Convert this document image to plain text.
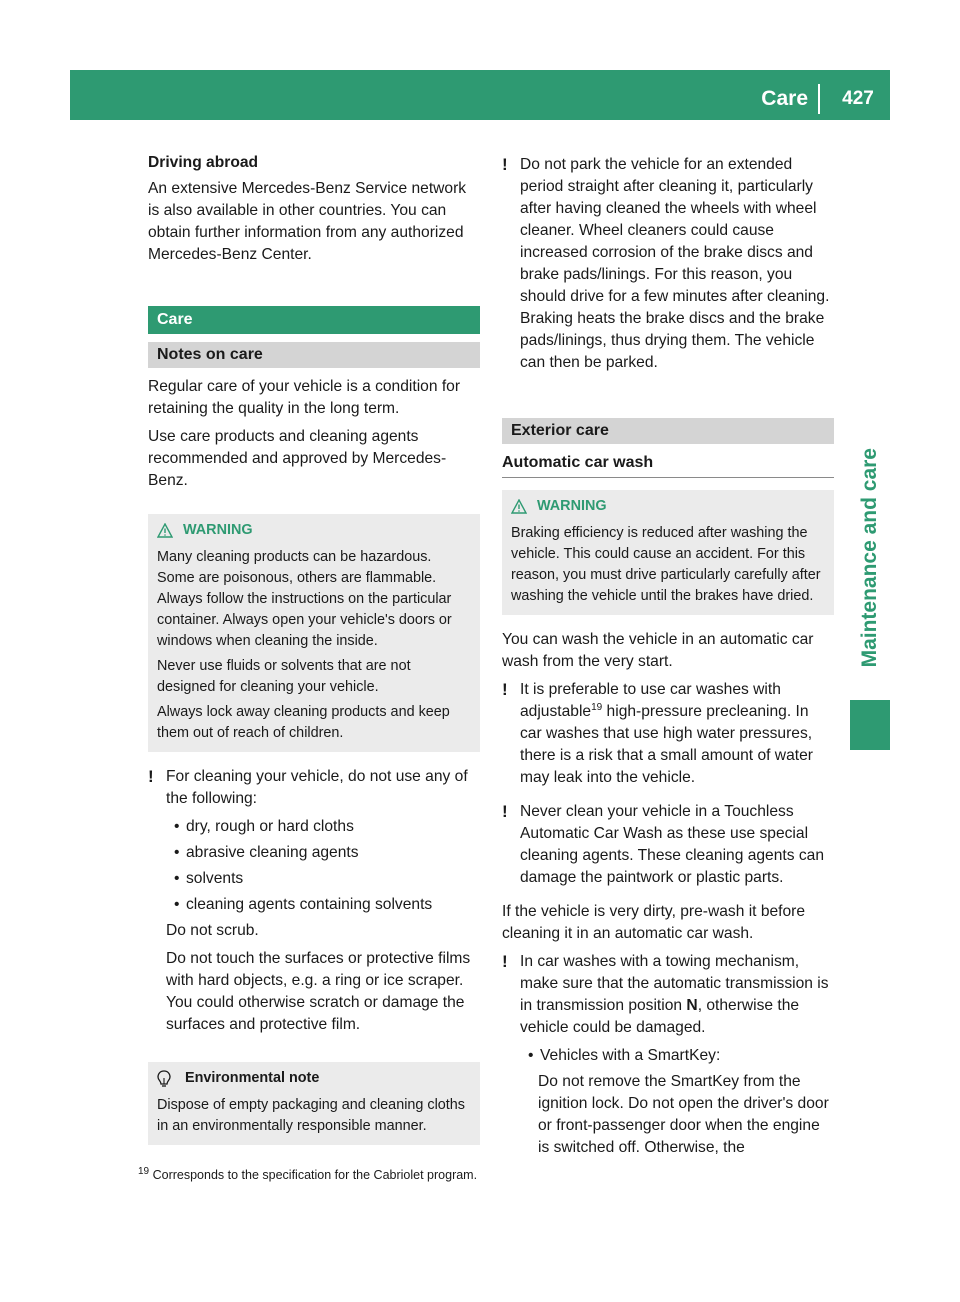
Care	427
Maintenance and care

Driving abroad

An extensive Mercedes-Benz Service network is also available in other countries. You can obtain further information from any authorized Mercedes-Benz Center.

Care
Notes on care

Regular care of your vehicle is a condition for retaining the quality in the long term.

Use care products and cleaning agents recommended and approved by Mercedes-Benz.

WARNING

Many cleaning products can be hazardous. Some are poisonous, others are flammable. Always follow the instructions on the particular container. Always open your vehicle's doors or windows when cleaning the inside.

Never use fluids or solvents that are not designed for cleaning your vehicle.

Always lock away cleaning products and keep them out of reach of children.

! For cleaning your vehicle, do not use any of the following:

• dry, rough or hard cloths
• abrasive cleaning agents
• solvents
• cleaning agents containing solvents

Do not scrub.

Do not touch the surfaces or protective films with hard objects, e.g. a ring or ice scraper. You could otherwise scratch or damage the surfaces and protective film.

Environmental note

Dispose of empty packaging and cleaning cloths in an environmentally responsible manner.

! Do not park the vehicle for an extended period straight after cleaning it, particularly after having cleaned the wheels with wheel cleaner. Wheel cleaners could cause increased corrosion of the brake discs and brake pads/linings. For this reason, you should drive for a few minutes after cleaning. Braking heats the brake discs and the brake pads/linings, thus drying them. The vehicle can then be parked.

Exterior care
Automatic car wash
WARNING

Braking efficiency is reduced after washing the vehicle. This could cause an accident. For this reason, you must drive particularly carefully after washing the vehicle until the brakes have dried.

You can wash the vehicle in an automatic car wash from the very start.

! It is preferable to use car washes with adjustable$^{19}$ high-pressure precleaning. In car washes that use high water pressures, there is a risk that a small amount of water may leak into the vehicle.

! Never clean your vehicle in a Touchless Automatic Car Wash as these use special cleaning agents. These cleaning agents can damage the paintwork or plastic parts.

If the vehicle is very dirty, pre-wash it before cleaning it in an automatic car wash.

! In car washes with a towing mechanism, make sure that the automatic transmission is in transmission position N, otherwise the vehicle could be damaged.

• Vehicles with a SmartKey:

Do not remove the SmartKey from the ignition lock. Do not open the driver's door or front-passenger door when the engine is switched off. Otherwise, the

$^{19}$ Corresponds to the specification for the Cabriolet program.
